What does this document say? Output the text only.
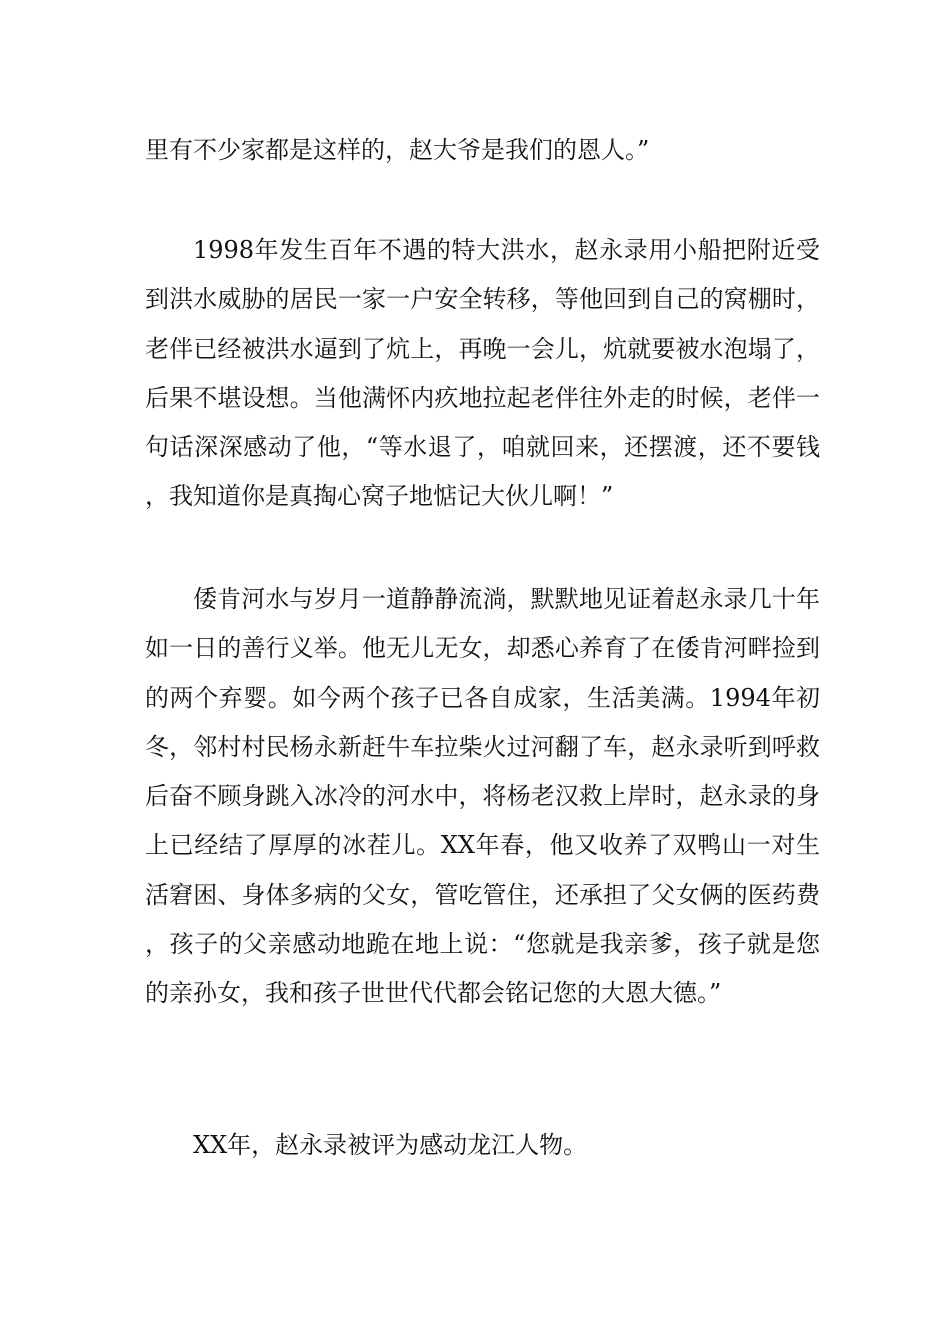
里有不少家都是这样的，赵大爷是我们的恩人。”

1998年发生百年不遇的特大洪水，赵永录用小船把附近受到洪水威胁的居民一家一户安全转移，等他回到自己的窝棚时，老伴已经被洪水逼到了炕上，再晚一会儿，炕就要被水泡塌了，后果不堪设想。当他满怀内疚地拉起老伴往外走的时候，老伴一句话深深感动了他，“等水退了，咱就回来，还摆渡，还不要钱，我知道你是真掏心窝子地惦记大伙儿啊！”

倭肯河水与岁月一道静静流淌，默默地见证着赵永录几十年如一日的善行义举。他无儿无女，却悉心养育了在倭肯河畔捡到的两个弃婴。如今两个孩子已各自成家，生活美满。1994年初冬，邻村村民杨永新赶牛车拉柴火过河翻了车，赵永录听到呼救后奋不顾身跳入冰冷的河水中，将杨老汉救上岸时，赵永录的身上已经结了厚厚的冰茬儿。XX年春，他又收养了双鸭山一对生活窘困、身体多病的父女，管吃管住，还承担了父女俩的医药费，孩子的父亲感动地跪在地上说：“您就是我亲爹，孩子就是您的亲孙女，我和孩子世世代代都会铭记您的大恩大德。”

XX年，赵永录被评为感动龙江人物。
